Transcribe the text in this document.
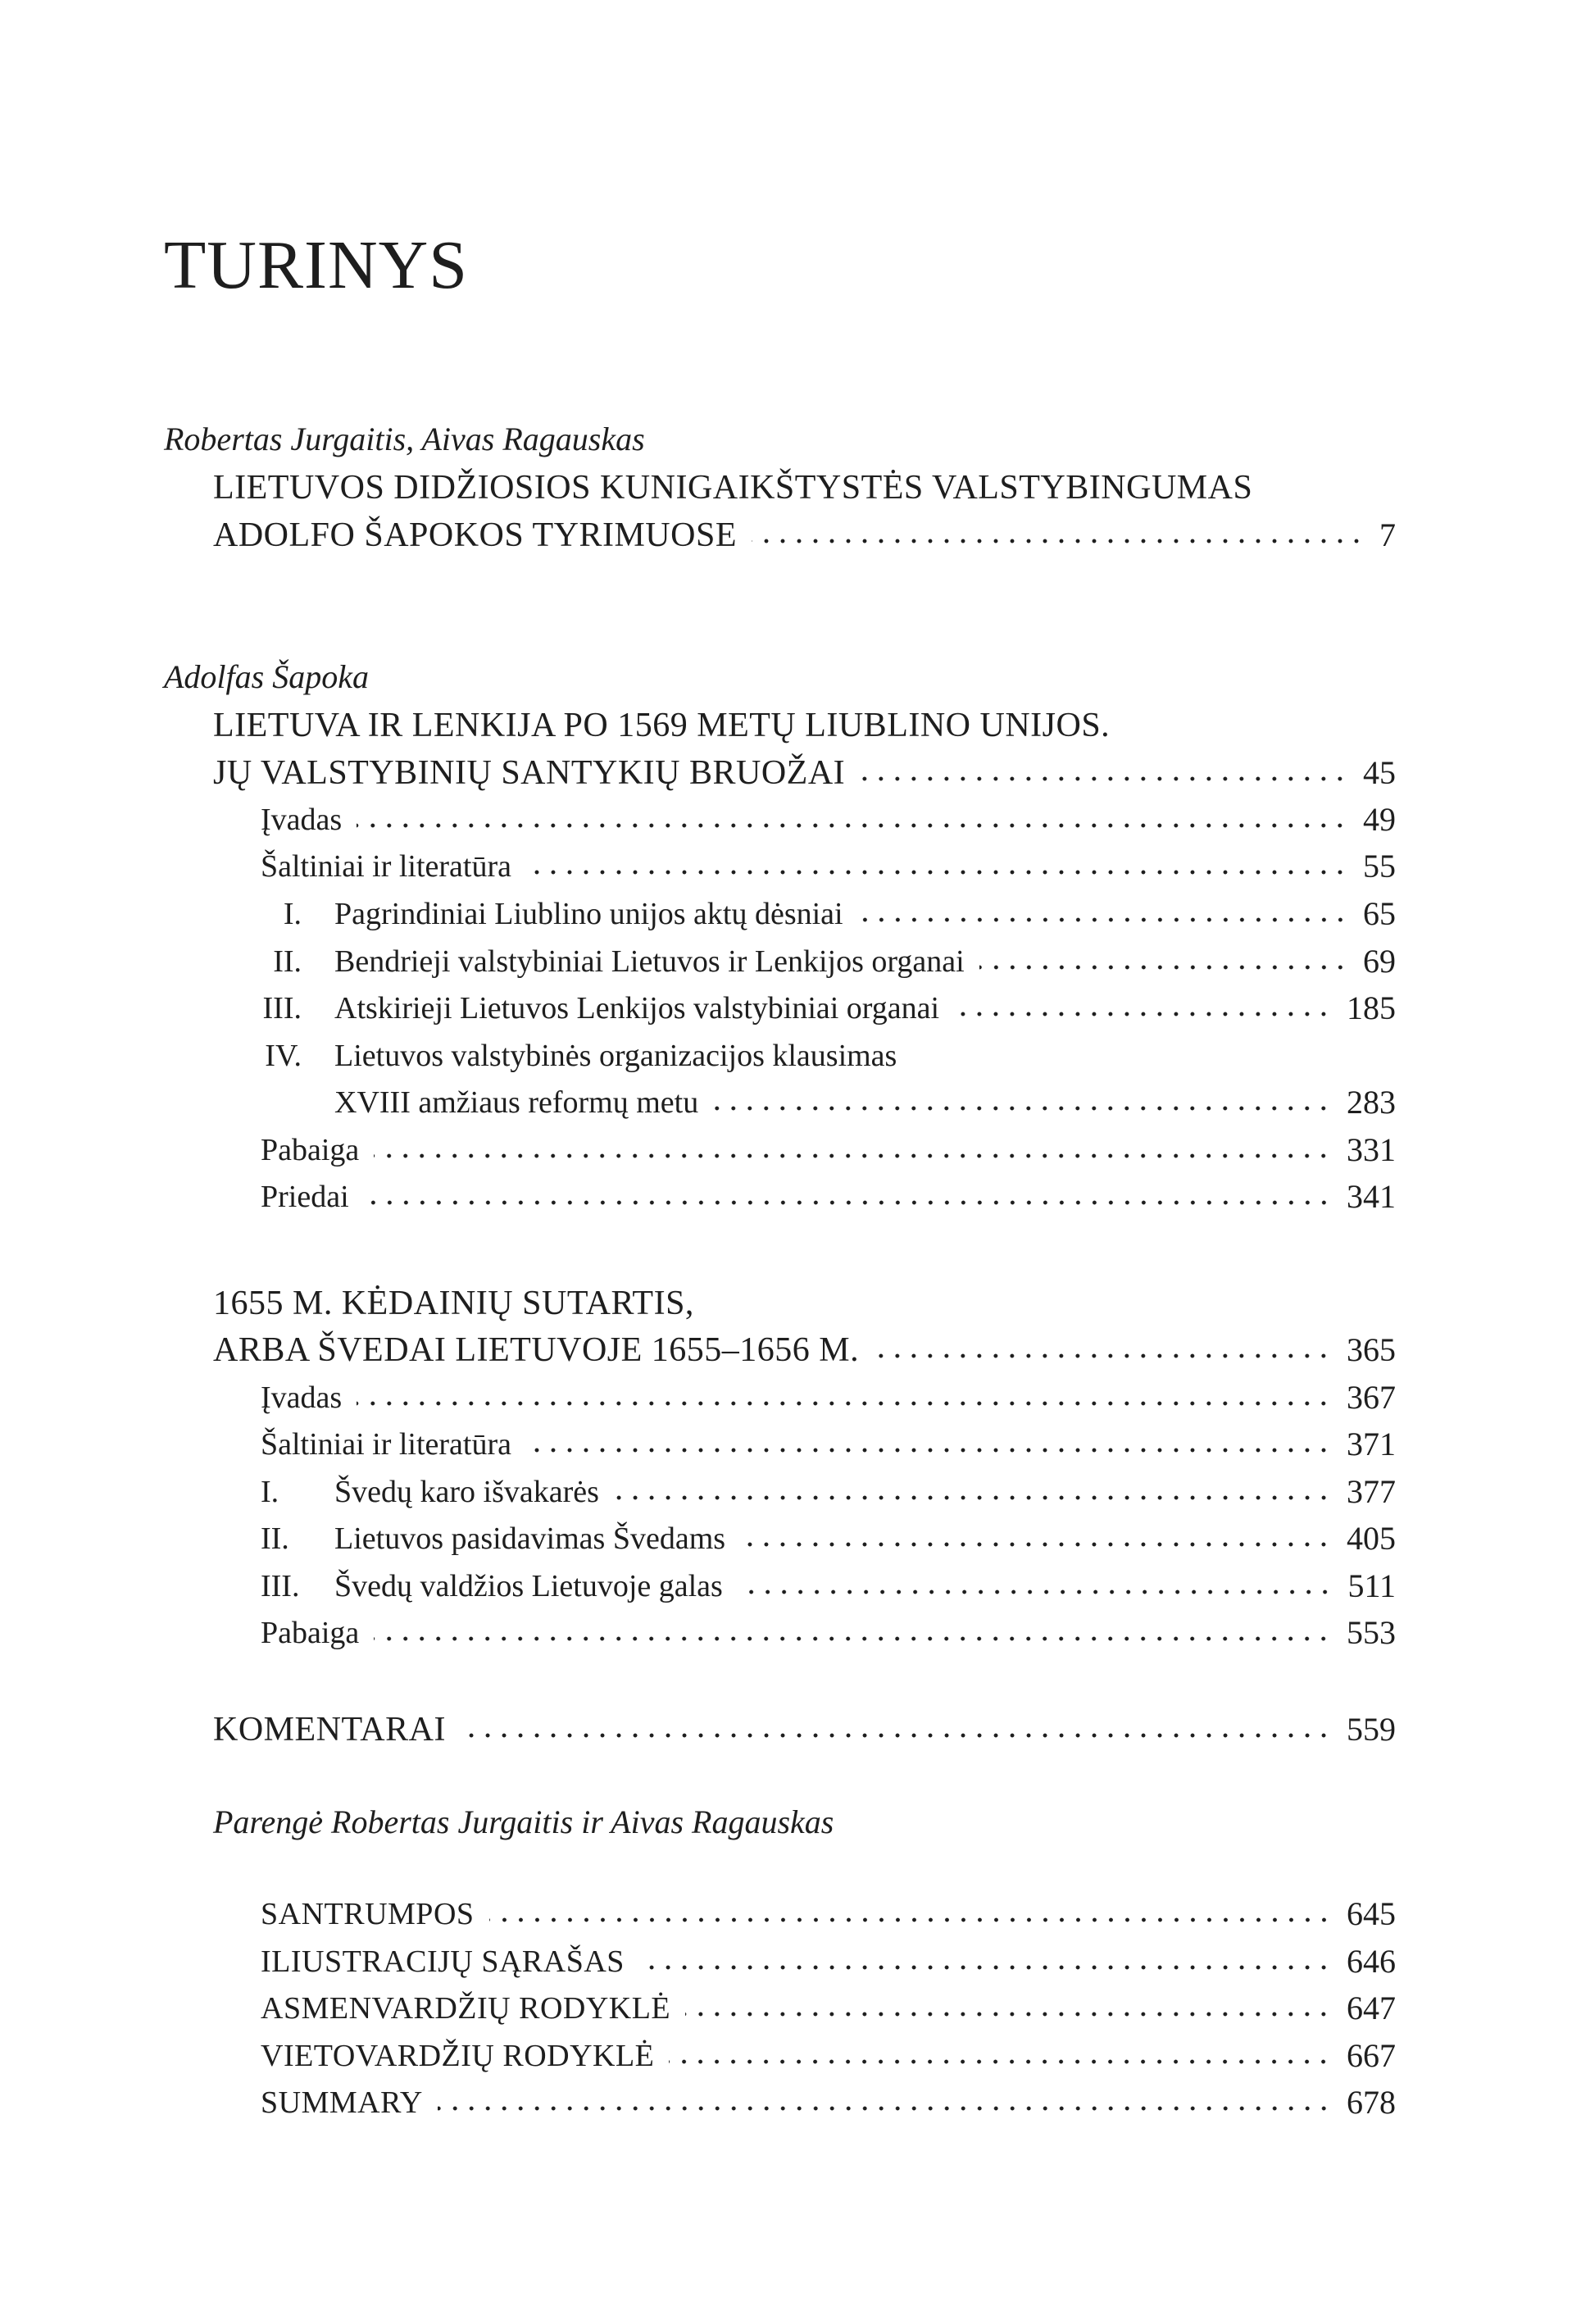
TURINYS
Robertas Jurgaitis, Aivas Ragauskas
LIETUVOS DIDŽIOSIOS KUNIGAIKŠTYSTĖS VALSTYBINGUMAS
ADOLFO ŠAPOKOS TYRIMUOSE	7
Adolfas Šapoka
LIETUVA IR LENKIJA PO 1569 METŲ LIUBLINO UNIJOS.
JŲ VALSTYBINIŲ SANTYKIŲ BRUOŽAI	45
Įvadas	49
Šaltiniai ir literatūra	55
I. Pagrindiniai Liublino unijos aktų dėsniai	65
II. Bendrieji valstybiniai Lietuvos ir Lenkijos organai	69
III. Atskirieji Lietuvos Lenkijos valstybiniai organai	185
IV. Lietuvos valstybinės organizacijos klausimas
XVIII amžiaus reformų metu	283
Pabaiga	331
Priedai	341
1655 M. KĖDAINIŲ SUTARTIS,
ARBA ŠVEDAI LIETUVOJE 1655–1656 M.	365
Įvadas	367
Šaltiniai ir literatūra	371
I.	Švedų karo išvakarės	377
II.	Lietuvos pasidavimas Švedams	405
III.	Švedų valdžios Lietuvoje galas	511
Pabaiga	553
KOMENTARAI	559
Parengė Robertas Jurgaitis ir Aivas Ragauskas
SANTRUMPOS	645
ILIUSTRACIJŲ SĄRAŠAS	646
ASMENVARDŽIŲ RODYKLĖ	647
VIETOVARDŽIŲ RODYKLĖ	667
SUMMARY	678
